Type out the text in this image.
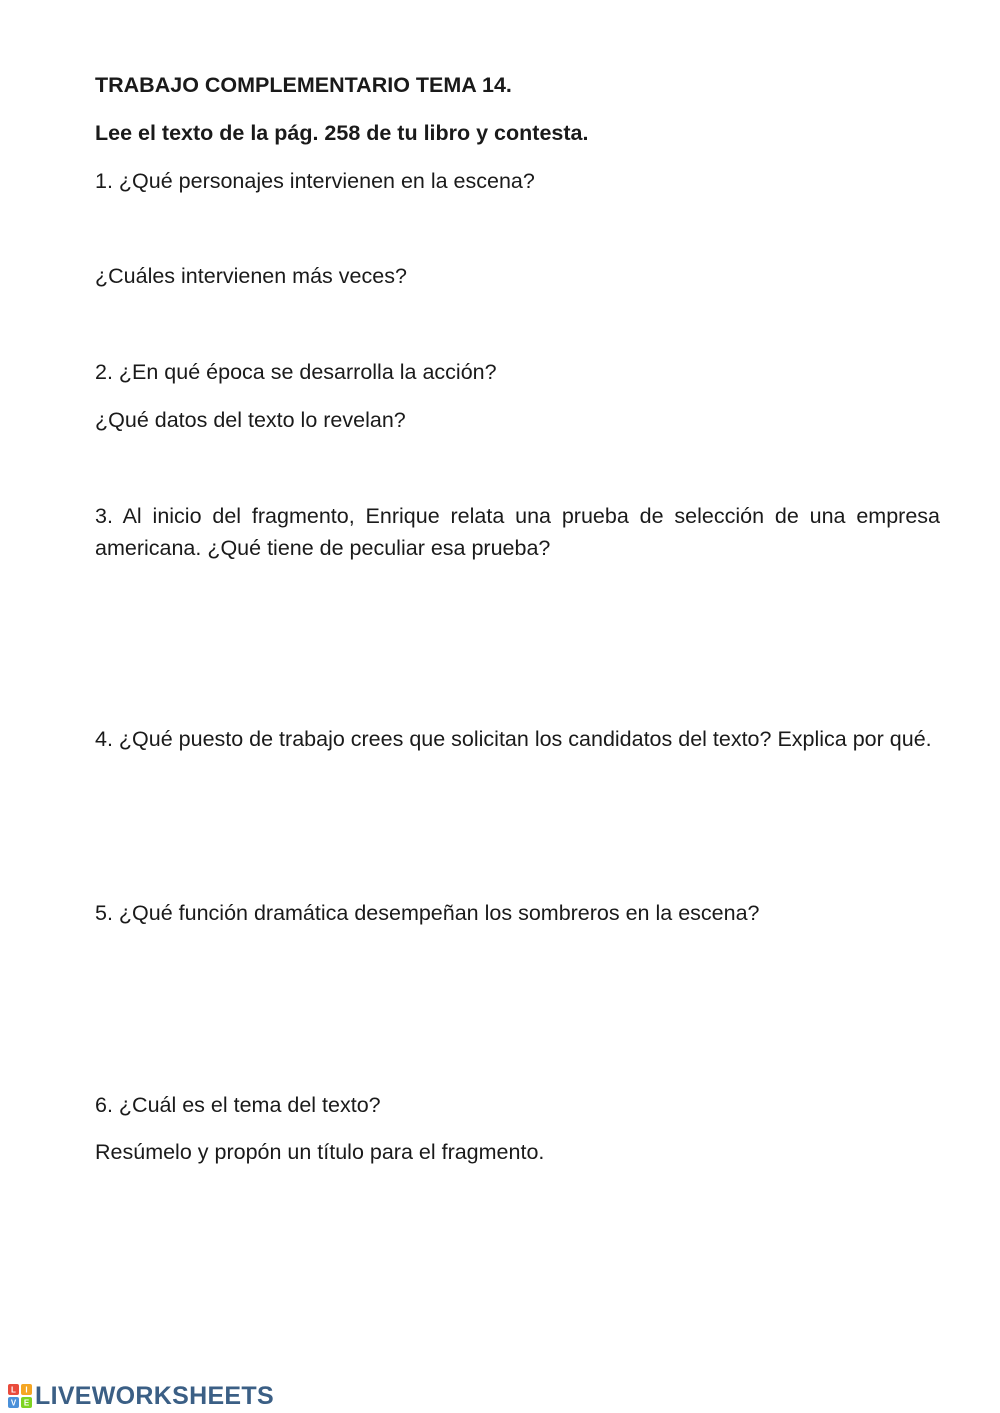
TRABAJO COMPLEMENTARIO TEMA 14.

Lee el texto de la pág. 258 de tu libro y contesta.

1. ¿Qué personajes intervienen en la escena?

¿Cuáles intervienen más veces?

2. ¿En qué época se desarrolla la acción?

¿Qué datos del texto lo revelan?

3. Al inicio del fragmento, Enrique relata una prueba de selección de una empresa americana. ¿Qué tiene de peculiar esa prueba?

4. ¿Qué puesto de trabajo crees que solicitan los candidatos del texto? Explica por qué.

5. ¿Qué función dramática desempeñan los sombreros en la escena?

6. ¿Cuál es el tema del texto?

Resúmelo y propón un título para el fragmento.

L I
V E LIVEWORKSHEETS
